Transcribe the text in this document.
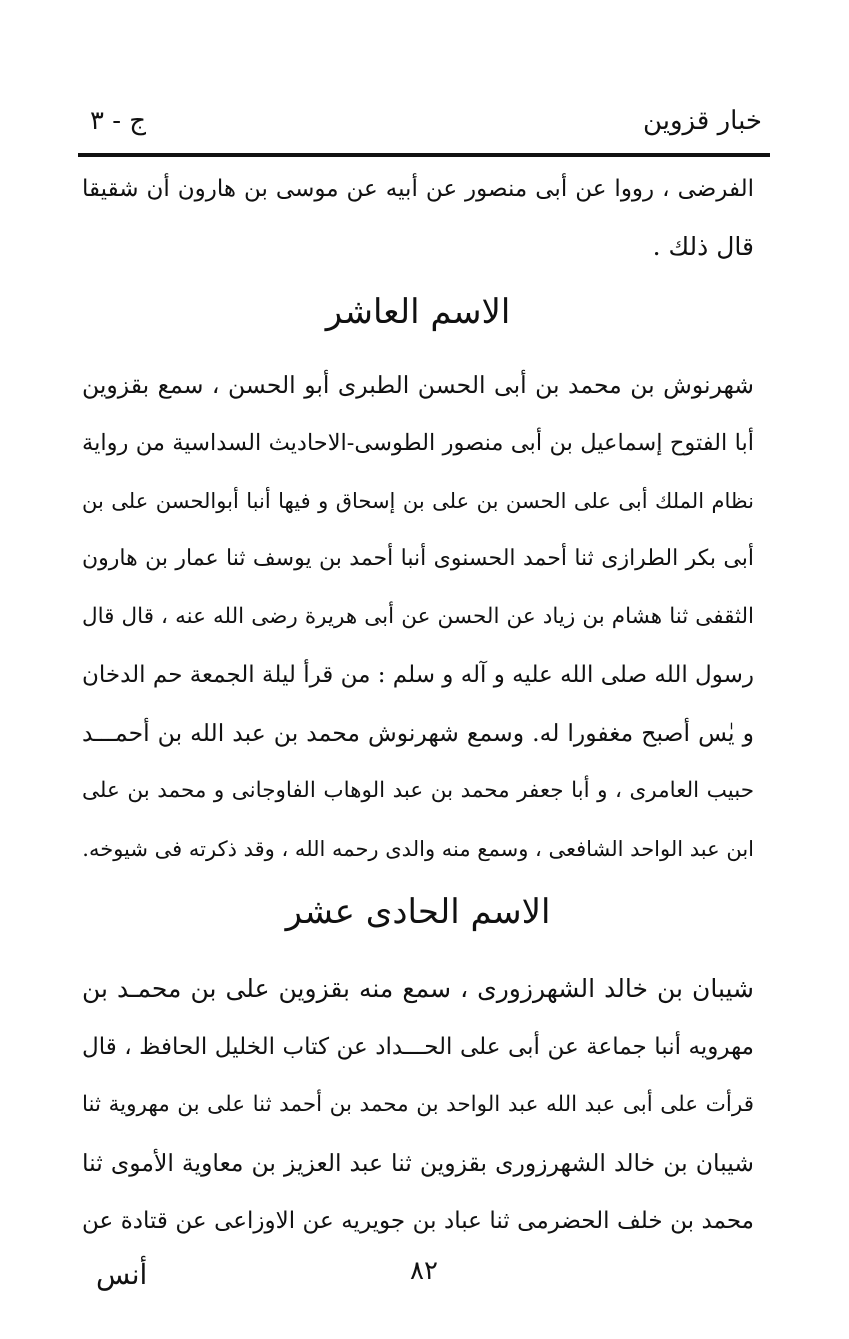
خبار قزوين
ج - ٣
الفرضى ، رووا عن أبى منصور عن أبيه عن موسى بن هارون أن شقيقا
قال ذلك .
الاسم العاشر
شهرنوش بن محمد بن أبى الحسن الطبرى أبو الحسن ، سمع بقزوين
أبا الفتوح إسماعيل بن أبى منصور الطوسى-الاحاديث السداسية من رواية
نظام الملك أبى على الحسن بن على بن إسحاق و فيها أنبا أبوالحسن على بن
أبى بكر الطرازى ثنا أحمد الحسنوى أنبا أحمد بن يوسف ثنا عمار بن هارون
الثقفى ثنا هشام بن زياد عن الحسن عن أبى هريرة رضى الله عنه ، قال قال
رسول الله صلى الله عليه و آله و سلم : من قرأ ليلة الجمعة حم الدخان
و يٰس أصبح مغفورا له. وسمع شهرنوش محمد بن عبد الله بن أحمـــد
حبيب العامرى ، و أبا جعفر محمد بن عبد الوهاب الفاوجانى و محمد بن على
ابن عبد الواحد الشافعى ، وسمع منه والدى رحمه الله ، وقد ذكرته فى شيوخه.
الاسم الحادى عشر
شيبان بن خالد الشهرزورى ، سمع منه بقزوين على بن محمـد بن
مهرويه أنبا جماعة عن أبى على الحـــداد عن كتاب الخليل الحافظ ، قال
قرأت على أبى عبد الله عبد الواحد بن محمد بن أحمد ثنا على بن مهروية ثنا
شيبان بن خالد الشهرزورى بقزوين ثنا عبد العزيز بن معاوية الأموى ثنا
محمد بن خلف الحضرمى ثنا عباد بن جويريه عن الاوزاعى عن قتادة عن
أنس	٨٢
